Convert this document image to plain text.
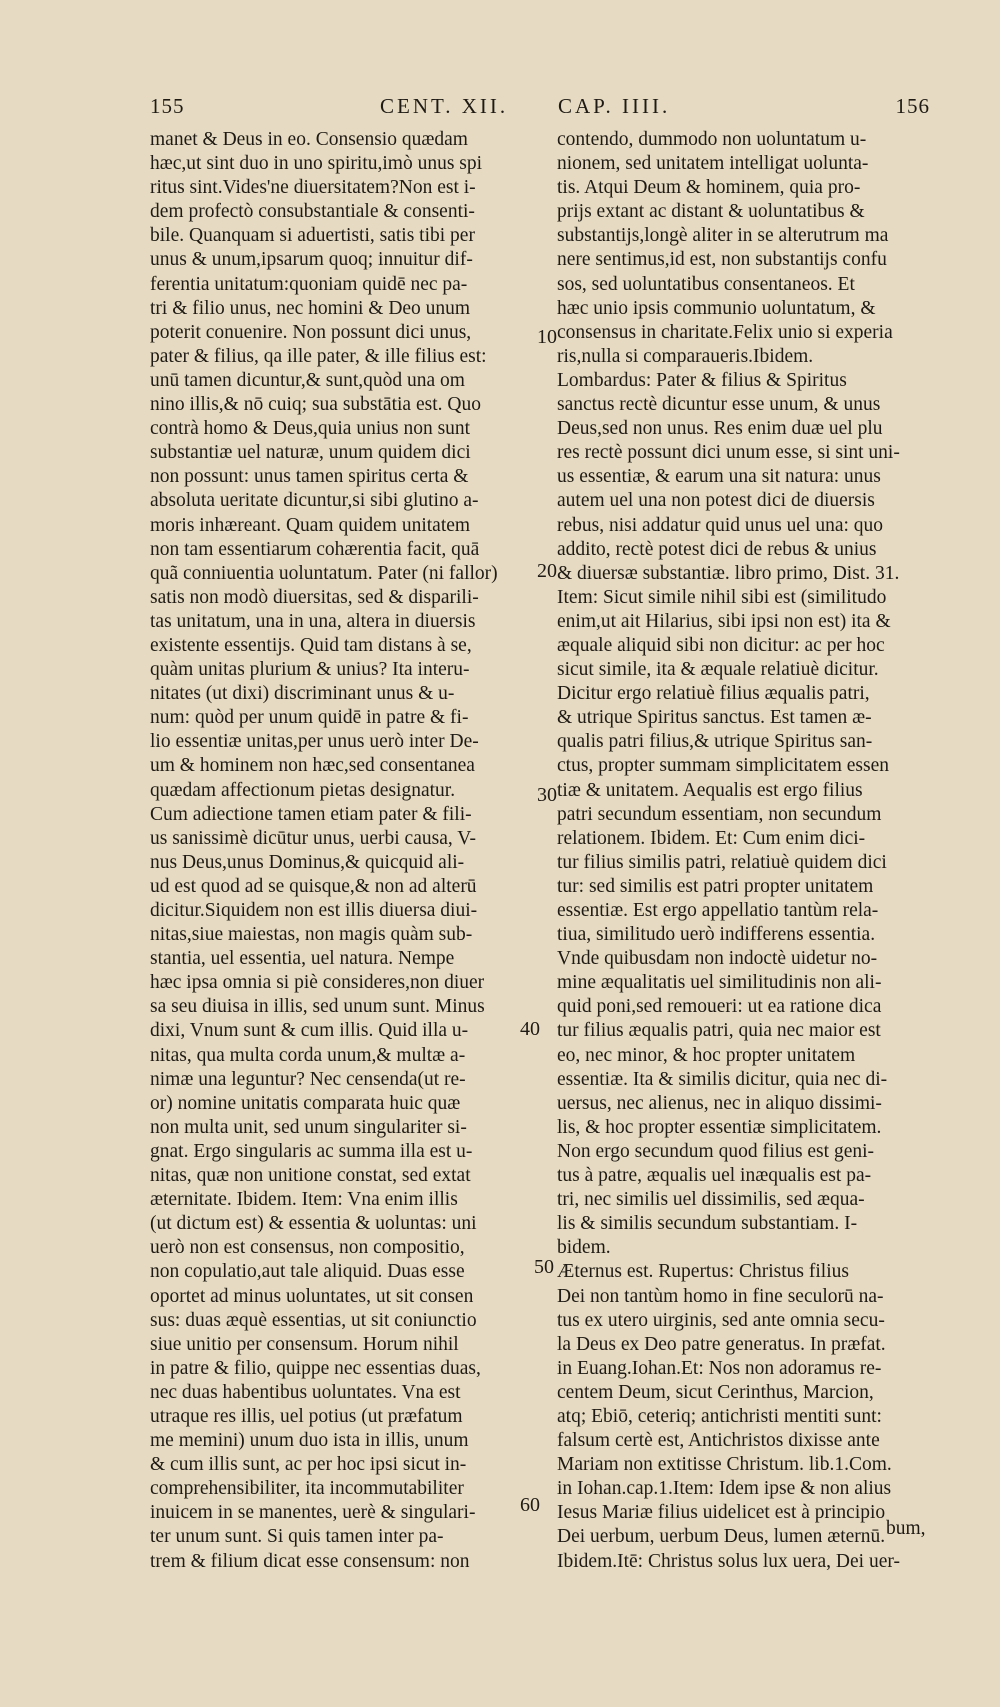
155	CENT. XII. CAP. IIII.	156
manet & Deus in eo. Consensio quædam
hæc,ut sint duo in uno spiritu,imò unus spi
ritus sint.Vides'ne diuersitatem?Non est i-
dem profectò consubstantiale & consenti-
bile. Quanquam si aduertisti, satis tibi per
unus & unum,ipsarum quoq; innuitur dif-
ferentia unitatum:quoniam quidē nec pa-
tri & filio unus, nec homini & Deo unum
poterit conuenire. Non possunt dici unus,
pater & filius, qa ille pater, & ille filius est:
unū tamen dicuntur,& sunt,quòd una om
nino illis,& nō cuiq; sua substātia est. Quo
contrà homo & Deus,quia unius non sunt
substantiæ uel naturæ, unum quidem dici
non possunt: unus tamen spiritus certa &
absoluta ueritate dicuntur,si sibi glutino a-
moris inhæreant. Quam quidem unitatem
non tam essentiarum cohærentia facit, quā
quã conniuentia uoluntatum. Pater (ni fallor)
satis non modò diuersitas, sed & disparili-
tas unitatum, una in una, altera in diuersis
existente essentijs. Quid tam distans à se,
quàm unitas plurium & unius? Ita interu-
nitates (ut dixi) discriminant unus & u-
num: quòd per unum quidē in patre & fi-
lio essentiæ unitas,per unus uerò inter De-
um & hominem non hæc,sed consentanea
quædam affectionum pietas designatur.
Cum adiectione tamen etiam pater & fili-
us sanissimè dicūtur unus, uerbi causa, V-
nus Deus,unus Dominus,& quicquid ali-
ud est quod ad se quisque,& non ad alterū
dicitur.Siquidem non est illis diuersa diui-
nitas,siue maiestas, non magis quàm sub-
stantia, uel essentia, uel natura. Nempe
hæc ipsa omnia si piè consideres,non diuer
sa seu diuisa in illis, sed unum sunt. Minus
dixi, Vnum sunt & cum illis. Quid illa u-
nitas, qua multa corda unum,& multæ a-
nimæ una leguntur? Nec censenda(ut re-
or) nomine unitatis comparata huic quæ
non multa unit, sed unum singulariter si-
gnat. Ergo singularis ac summa illa est u-
nitas, quæ non unitione constat, sed extat
æternitate. Ibidem. Item: Vna enim illis
(ut dictum est) & essentia & uoluntas: uni
uerò non est consensus, non compositio,
non copulatio,aut tale aliquid. Duas esse
oportet ad minus uoluntates, ut sit consen
sus: duas æquè essentias, ut sit coniunctio
siue unitio per consensum. Horum nihil
in patre & filio, quippe nec essentias duas,
nec duas habentibus uoluntates. Vna est
utraque res illis, uel potius (ut præfatum
me memini) unum duo ista in illis, unum
& cum illis sunt, ac per hoc ipsi sicut in-
comprehensibiliter, ita incommutabiliter
inuicem in se manentes, uerè & singulari-
ter unum sunt. Si quis tamen inter pa-
trem & filium dicat esse consensum: non
contendo, dummodo non uoluntatum u-
nionem, sed unitatem intelligat uolunta-
tis. Atqui Deum & hominem, quia pro-
prijs extant ac distant & uoluntatibus &
substantijs,longè aliter in se alterutrum ma
nere sentimus,id est, non substantijs confu
sos, sed uoluntatibus consentaneos. Et
hæc unio ipsis communio uoluntatum, &
consensus in charitate.Felix unio si experia
ris,nulla si comparaueris.Ibidem.
Lombardus: Pater & filius & Spiritus
sanctus rectè dicuntur esse unum, & unus
Deus,sed non unus. Res enim duæ uel plu
res rectè possunt dici unum esse, si sint uni-
us essentiæ, & earum una sit natura: unus
autem uel una non potest dici de diuersis
rebus, nisi addatur quid unus uel una: quo
addito, rectè potest dici de rebus & unius
& diuersæ substantiæ. libro primo, Dist. 31.
Item: Sicut simile nihil sibi est (similitudo
enim,ut ait Hilarius, sibi ipsi non est) ita &
æquale aliquid sibi non dicitur: ac per hoc
sicut simile, ita & æquale relatiuè dicitur.
Dicitur ergo relatiuè filius æqualis patri,
& utrique Spiritus sanctus. Est tamen æ-
qualis patri filius,& utrique Spiritus san-
ctus, propter summam simplicitatem essen
tiæ & unitatem. Aequalis est ergo filius
patri secundum essentiam, non secundum
relationem. Ibidem. Et: Cum enim dici-
tur filius similis patri, relatiuè quidem dici
tur: sed similis est patri propter unitatem
essentiæ. Est ergo appellatio tantùm rela-
tiua, similitudo uerò indifferens essentia.
Vnde quibusdam non indoctè uidetur no-
mine æqualitatis uel similitudinis non ali-
quid poni,sed remoueri: ut ea ratione dica
tur filius æqualis patri, quia nec maior est
eo, nec minor, & hoc propter unitatem
essentiæ. Ita & similis dicitur, quia nec di-
uersus, nec alienus, nec in aliquo dissimi-
lis, & hoc propter essentiæ simplicitatem.
Non ergo secundum quod filius est geni-
tus à patre, æqualis uel inæqualis est pa-
tri, nec similis uel dissimilis, sed æqua-
lis & similis secundum substantiam. I-
bidem.
Æternus est. Rupertus: Christus filius
Dei non tantùm homo in fine seculorū na-
tus ex utero uirginis, sed ante omnia secu-
la Deus ex Deo patre generatus. In præfat.
in Euang.Iohan.Et: Nos non adoramus re-
centem Deum, sicut Cerinthus, Marcion,
atq; Ebiō, ceteriq; antichristi mentiti sunt:
falsum certè est, Antichristos dixisse ante
Mariam non extitisse Christum. lib.1.Com.
in Iohan.cap.1.Item: Idem ipse & non alius
Iesus Mariæ filius uidelicet est à principio
Dei uerbum, uerbum Deus, lumen æternū.
Ibidem.Itē: Christus solus lux uera, Dei uer-
10
20
30
40
50
60
bum,
